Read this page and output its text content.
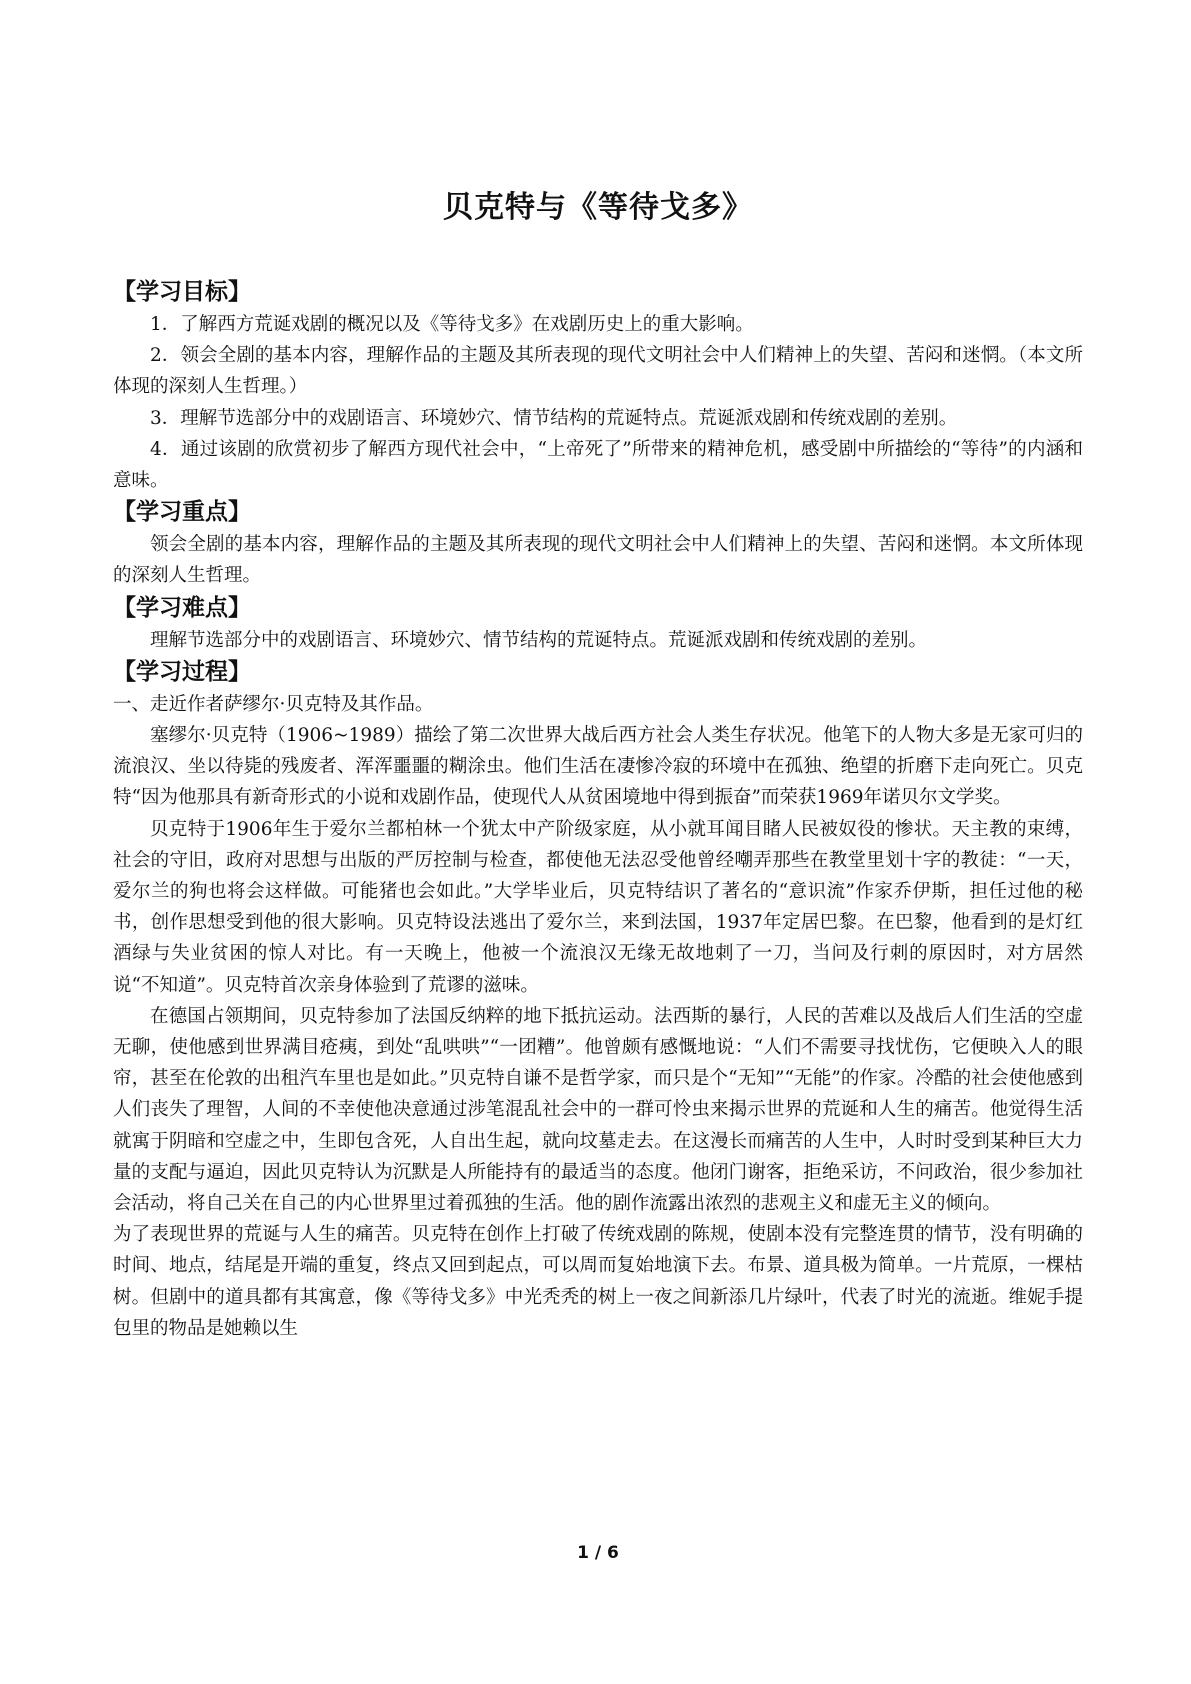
贝克特与《等待戈多》

【学习目标】

1．了解西方荒诞戏剧的概况以及《等待戈多》在戏剧历史上的重大影响。

2．领会全剧的基本内容，理解作品的主题及其所表现的现代文明社会中人们精神上的失望、苦闷和迷惘。（本文所体现的深刻人生哲理。）

3．理解节选部分中的戏剧语言、环境妙穴、情节结构的荒诞特点。荒诞派戏剧和传统戏剧的差别。

4．通过该剧的欣赏初步了解西方现代社会中，“上帝死了”所带来的精神危机，感受剧中所描绘的“等待”的内涵和意味。

【学习重点】

领会全剧的基本内容，理解作品的主题及其所表现的现代文明社会中人们精神上的失望、苦闷和迷惘。本文所体现的深刻人生哲理。

【学习难点】

理解节选部分中的戏剧语言、环境妙穴、情节结构的荒诞特点。荒诞派戏剧和传统戏剧的差别。

【学习过程】

一、走近作者萨缪尔·贝克特及其作品。

塞缪尔·贝克特（1906~1989）描绘了第二次世界大战后西方社会人类生存状况。他笔下的人物大多是无家可归的流浪汉、坐以待毙的残废者、浑浑噩噩的糊涂虫。他们生活在凄惨冷寂的环境中在孤独、绝望的折磨下走向死亡。贝克特“因为他那具有新奇形式的小说和戏剧作品，使现代人从贫困境地中得到振奋”而荣获1969年诺贝尔文学奖。

贝克特于1906年生于爱尔兰都柏林一个犹太中产阶级家庭，从小就耳闻目睹人民被奴役的惨状。天主教的束缚，社会的守旧，政府对思想与出版的严厉控制与检查，都使他无法忍受他曾经嘲弄那些在教堂里划十字的教徒：“一天，爱尔兰的狗也将会这样做。可能猪也会如此。”大学毕业后，贝克特结识了著名的“意识流”作家乔伊斯，担任过他的秘书，创作思想受到他的很大影响。贝克特设法逃出了爱尔兰，来到法国，1937年定居巴黎。在巴黎，他看到的是灯红酒绿与失业贫困的惊人对比。有一天晚上，他被一个流浪汉无缘无故地刺了一刀，当问及行刺的原因时，对方居然说“不知道”。贝克特首次亲身体验到了荒谬的滋味。

在德国占领期间，贝克特参加了法国反纳粹的地下抵抗运动。法西斯的暴行，人民的苦难以及战后人们生活的空虚无聊，使他感到世界满目疮痍，到处“乱哄哄”“一团糟”。他曾颇有感慨地说：“人们不需要寻找忧伤，它便映入人的眼帘，甚至在伦敦的出租汽车里也是如此。”贝克特自谦不是哲学家，而只是个“无知”“无能”的作家。冷酷的社会使他感到人们丧失了理智，人间的不幸使他决意通过涉笔混乱社会中的一群可怜虫来揭示世界的荒诞和人生的痛苦。他觉得生活就寓于阴暗和空虚之中，生即包含死，人自出生起，就向坟墓走去。在这漫长而痛苦的人生中，人时时受到某种巨大力量的支配与逼迫，因此贝克特认为沉默是人所能持有的最适当的态度。他闭门谢客，拒绝采访，不问政治，很少参加社会活动，将自己关在自己的内心世界里过着孤独的生活。他的剧作流露出浓烈的悲观主义和虚无主义的倾向。

为了表现世界的荒诞与人生的痛苦。贝克特在创作上打破了传统戏剧的陈规，使剧本没有完整连贯的情节，没有明确的时间、地点，结尾是开端的重复，终点又回到起点，可以周而复始地演下去。布景、道具极为简单。一片荒原，一棵枯树。但剧中的道具都有其寓意，像《等待戈多》中光秃秃的树上一夜之间新添几片绿叶，代表了时光的流逝。维妮手提包里的物品是她赖以生

1 / 6
